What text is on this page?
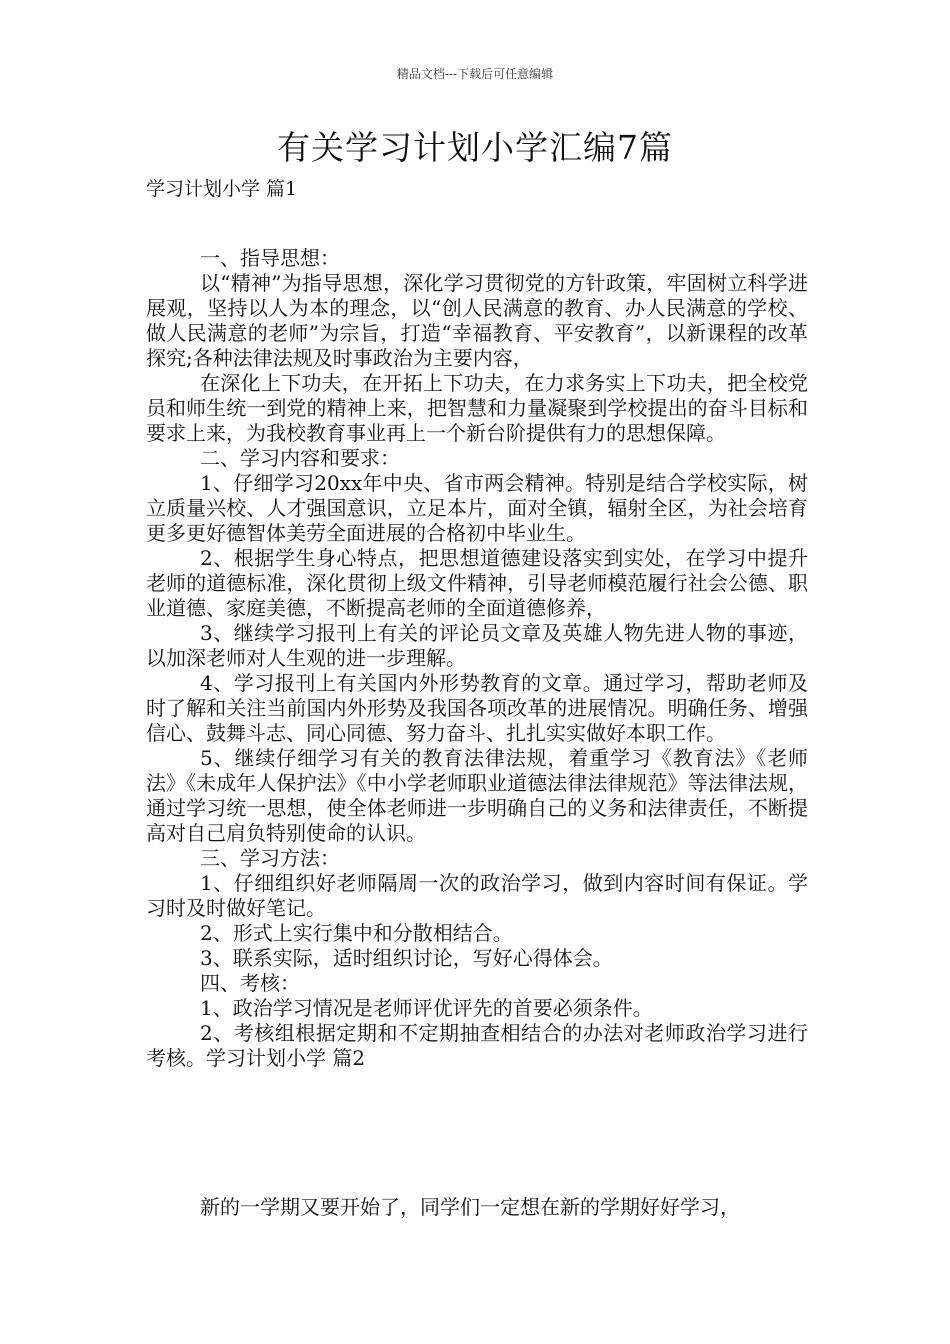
精品文档---下载后可任意编辑
有关学习计划小学汇编7篇
学习计划小学 篇1

一、指导思想：

以“精神”为指导思想，深化学习贯彻党的方针政策，牢固树立科学进展观，坚持以人为本的理念，以“创人民满意的教育、办人民满意的学校、做人民满意的老师”为宗旨，打造“幸福教育、平安教育”，以新课程的改革探究;各种法律法规及时事政治为主要内容，

在深化上下功夫，在开拓上下功夫，在力求务实上下功夫，把全校党员和师生统一到党的精神上来，把智慧和力量凝聚到学校提出的奋斗目标和要求上来，为我校教育事业再上一个新台阶提供有力的思想保障。

二、学习内容和要求：

1、仔细学习20xx年中央、省市两会精神。特别是结合学校实际，树立质量兴校、人才强国意识，立足本片，面对全镇，辐射全区，为社会培育更多更好德智体美劳全面进展的合格初中毕业生。

2、根据学生身心特点，把思想道德建设落实到实处，在学习中提升老师的道德标准，深化贯彻上级文件精神，引导老师模范履行社会公德、职业道德、家庭美德，不断提高老师的全面道德修养，

3、继续学习报刊上有关的评论员文章及英雄人物先进人物的事迹，以加深老师对人生观的进一步理解。

4、学习报刊上有关国内外形势教育的文章。通过学习，帮助老师及时了解和关注当前国内外形势及我国各项改革的进展情况。明确任务、增强信心、鼓舞斗志、同心同德、努力奋斗、扎扎实实做好本职工作。

5、继续仔细学习有关的教育法律法规，着重学习《教育法》《老师法》《未成年人保护法》《中小学老师职业道德法律法律规范》等法律法规，通过学习统一思想，使全体老师进一步明确自己的义务和法律责任，不断提高对自己肩负特别使命的认识。

三、学习方法：

1、仔细组织好老师隔周一次的政治学习，做到内容时间有保证。学习时及时做好笔记。

2、形式上实行集中和分散相结合。

3、联系实际，适时组织讨论，写好心得体会。

四、考核：

1、政治学习情况是老师评优评先的首要必须条件。

2、考核组根据定期和不定期抽查相结合的办法对老师政治学习进行考核。学习计划小学 篇2

新的一学期又要开始了，同学们一定想在新的学期好好学习，
